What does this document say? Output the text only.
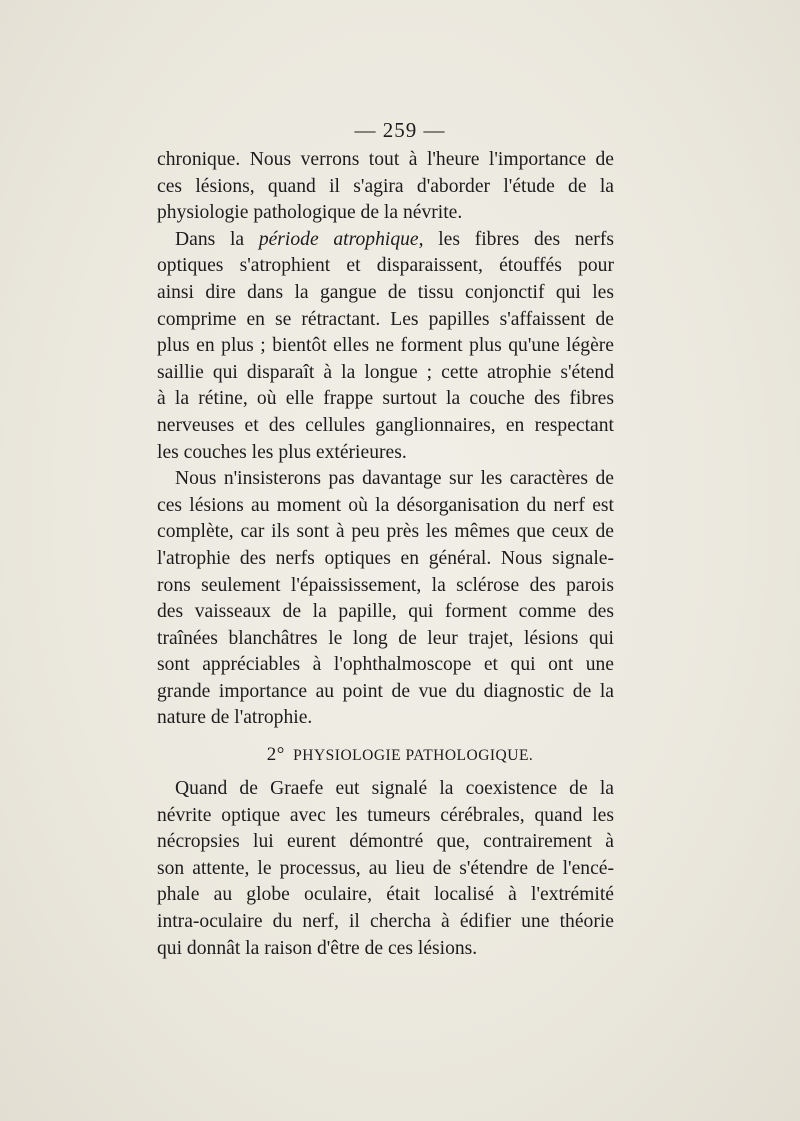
— 259 —
chronique. Nous verrons tout à l'heure l'importance de
ces lésions, quand il s'agira d'aborder l'étude de la
physiologie pathologique de la névrite.
Dans la période atrophique, les fibres des nerfs
optiques s'atrophient et disparaissent, étouffés pour
ainsi dire dans la gangue de tissu conjonctif qui les
comprime en se rétractant. Les papilles s'affaissent de
plus en plus ; bientôt elles ne forment plus qu'une légère
saillie qui disparaît à la longue ; cette atrophie s'étend
à la rétine, où elle frappe surtout la couche des fibres
nerveuses et des cellules ganglionnaires, en respectant
les couches les plus extérieures.
Nous n'insisterons pas davantage sur les caractères de
ces lésions au moment où la désorganisation du nerf est
complète, car ils sont à peu près les mêmes que ceux de
l'atrophie des nerfs optiques en général. Nous signale-
rons seulement l'épaississement, la sclérose des parois
des vaisseaux de la papille, qui forment comme des
traînées blanchâtres le long de leur trajet, lésions qui
sont appréciables à l'ophthalmoscope et qui ont une
grande importance au point de vue du diagnostic de la
nature de l'atrophie.
2° PHYSIOLOGIE PATHOLOGIQUE.
Quand de Graefe eut signalé la coexistence de la
névrite optique avec les tumeurs cérébrales, quand les
nécropsies lui eurent démontré que, contrairement à
son attente, le processus, au lieu de s'étendre de l'encé-
phale au globe oculaire, était localisé à l'extrémité
intra-oculaire du nerf, il chercha à édifier une théorie
qui donnât la raison d'être de ces lésions.
